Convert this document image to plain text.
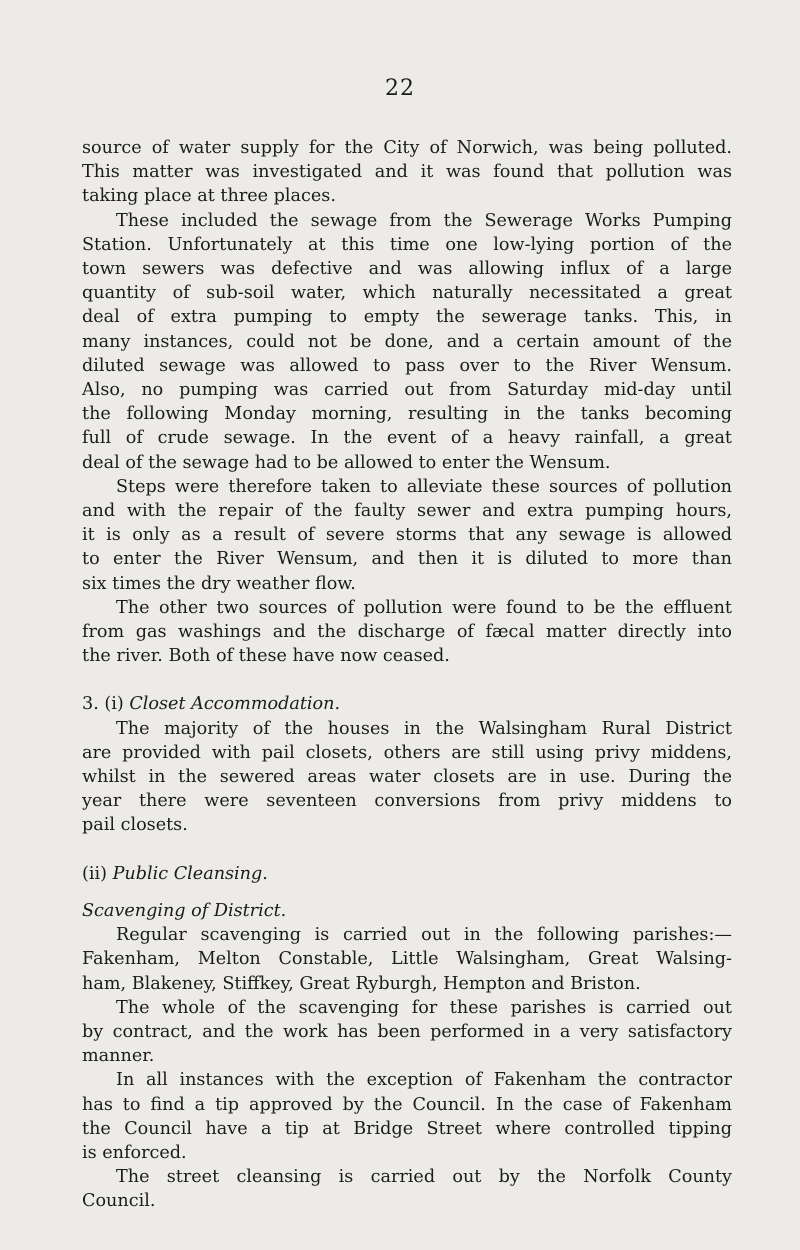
22
source of water supply for the City of Norwich, was being polluted.
This matter was investigated and it was found that pollution was
taking place at three places.
These included the sewage from the Sewerage Works Pumping
Station. Unfortunately at this time one low-lying portion of the
town sewers was defective and was allowing influx of a large
quantity of sub-soil water, which naturally necessitated a great
deal of extra pumping to empty the sewerage tanks. This, in
many instances, could not be done, and a certain amount of the
diluted sewage was allowed to pass over to the River Wensum.
Also, no pumping was carried out from Saturday mid-day until
the following Monday morning, resulting in the tanks becoming
full of crude sewage. In the event of a heavy rainfall, a great
deal of the sewage had to be allowed to enter the Wensum.
Steps were therefore taken to alleviate these sources of pollution
and with the repair of the faulty sewer and extra pumping hours,
it is only as a result of severe storms that any sewage is allowed
to enter the River Wensum, and then it is diluted to more than
six times the dry weather flow.
The other two sources of pollution were found to be the effluent
from gas washings and the discharge of fæcal matter directly into
the river. Both of these have now ceased.
3. (i) Closet Accommodation.
The majority of the houses in the Walsingham Rural District
are provided with pail closets, others are still using privy middens,
whilst in the sewered areas water closets are in use. During the
year there were seventeen conversions from privy middens to
pail closets.
(ii) Public Cleansing.
Scavenging of District.
Regular scavenging is carried out in the following parishes:—
Fakenham, Melton Constable, Little Walsingham, Great Walsing-
ham, Blakeney, Stiffkey, Great Ryburgh, Hempton and Briston.
The whole of the scavenging for these parishes is carried out
by contract, and the work has been performed in a very satisfactory
manner.
In all instances with the exception of Fakenham the contractor
has to find a tip approved by the Council. In the case of Fakenham
the Council have a tip at Bridge Street where controlled tipping
is enforced.
The street cleansing is carried out by the Norfolk County
Council.
